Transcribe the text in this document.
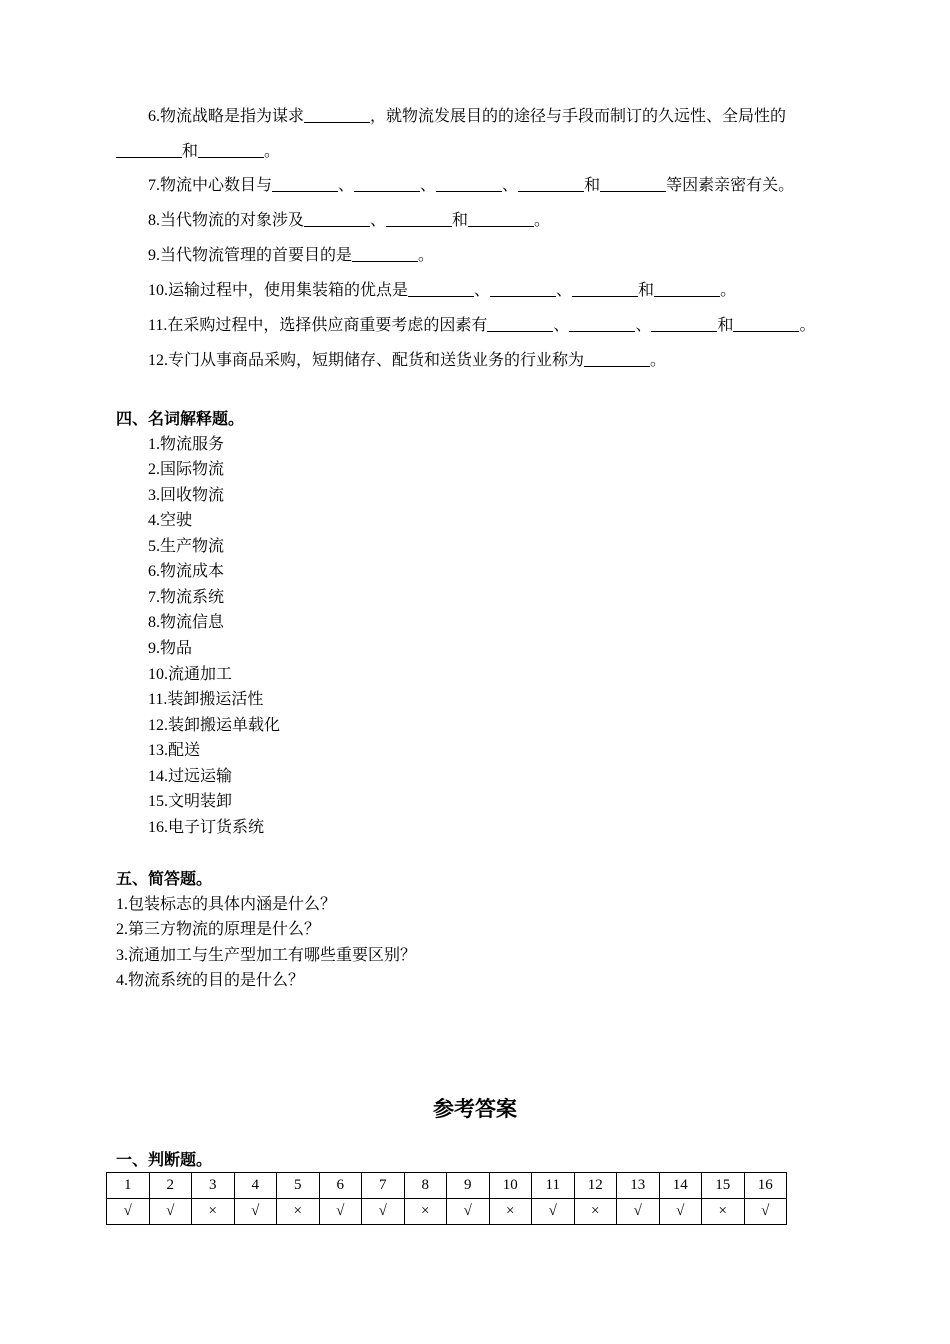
6.物流战略是指为谋求	，就物流发展目的的途径与手段而制订的久远性、全局性的
和	。
7.物流中心数目与	、	、	、	和	等因素亲密有关。
8.当代物流的对象涉及	、	和	。
9.当代物流管理的首要目的是	。
10.运输过程中，使用集装箱的优点是	、	、	和	。
11.在采购过程中，选择供应商重要考虑的因素有	、	、	和	。
12.专门从事商品采购，短期储存、配货和送货业务的行业称为	。
四、名词解释题。
1.物流服务
2.国际物流
3.回收物流
4.空驶
5.生产物流
6.物流成本
7.物流系统
8.物流信息
9.物品
10.流通加工
11.装卸搬运活性
12.装卸搬运单载化
13.配送
14.过远运输
15.文明装卸
16.电子订货系统
五、简答题。
1.包装标志的具体内涵是什么？
2.第三方物流的原理是什么？
3.流通加工与生产型加工有哪些重要区别？
4.物流系统的目的是什么？
参考答案
一、判断题。
1	2	3	4	5	6	7	8	9	10	11	12	13	14	15	16
√	√	×	√	×	√	√	×	√	×	√	×	√	√	×	√
